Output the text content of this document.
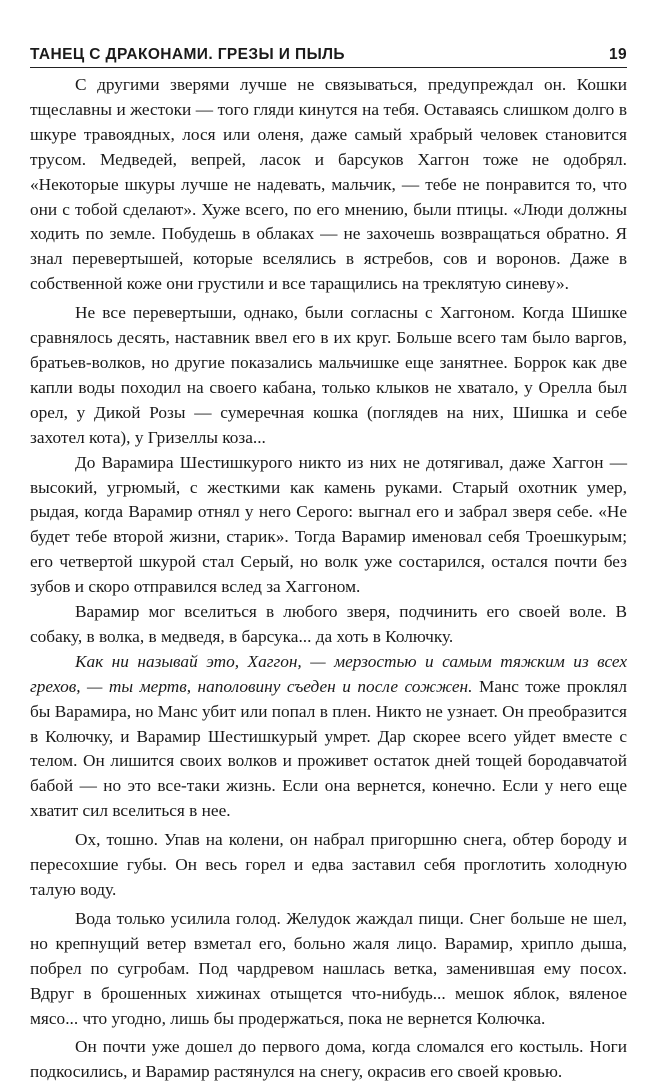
ТАНЕЦ С ДРАКОНАМИ. ГРЕЗЫ И ПЫЛЬ	19

С другими зверями лучше не связываться, предупреждал он. Кошки тщеславны и жестоки — того гляди кинутся на тебя. Оставаясь слишком долго в шкуре травоядных, лося или оленя, даже самый храбрый человек становится трусом. Медведей, вепрей, ласок и барсуков Хаггон тоже не одобрял. «Некоторые шкуры лучше не надевать, мальчик, — тебе не понравится то, что они с тобой сделают». Хуже всего, по его мнению, были птицы. «Люди должны ходить по земле. Побудешь в облаках — не захочешь возвращаться обратно. Я знал перевертышей, которые вселялись в ястребов, сов и воронов. Даже в собственной коже они грустили и все таращились на треклятую синеву».

Не все перевертыши, однако, были согласны с Хаггоном. Когда Шишке сравнялось десять, наставник ввел его в их круг. Больше всего там было варгов, братьев-волков, но другие показались мальчишке еще занятнее. Боррок как две капли воды походил на своего кабана, только клыков не хватало, у Орелла был орел, у Дикой Розы — сумеречная кошка (поглядев на них, Шишка и себе захотел кота), у Гризеллы коза...

До Варамира Шестишкурого никто из них не дотягивал, даже Хаггон — высокий, угрюмый, с жесткими как камень руками. Старый охотник умер, рыдая, когда Варамир отнял у него Серого: выгнал его и забрал зверя себе. «Не будет тебе второй жизни, старик». Тогда Варамир именовал себя Троешкурым; его четвертой шкурой стал Серый, но волк уже состарился, остался почти без зубов и скоро отправился вслед за Хаггоном.

Варамир мог вселиться в любого зверя, подчинить его своей воле. В собаку, в волка, в медведя, в барсука... да хоть в Колючку.

Как ни называй это, Хаггон, — мерзостью и самым тяжким из всех грехов, — ты мертв, наполовину съеден и после сожжен. Манс тоже проклял бы Варамира, но Манс убит или попал в плен. Никто не узнает. Он преобразится в Колючку, и Варамир Шестишкурый умрет. Дар скорее всего уйдет вместе с телом. Он лишится своих волков и проживет остаток дней тощей бородавчатой бабой — но это все-таки жизнь. Если она вернется, конечно. Если у него еще хватит сил вселиться в нее.

Ох, тошно. Упав на колени, он набрал пригоршню снега, обтер бороду и пересохшие губы. Он весь горел и едва заставил себя проглотить холодную талую воду.

Вода только усилила голод. Желудок жаждал пищи. Снег больше не шел, но крепнущий ветер взметал его, больно жаля лицо. Варамир, хрипло дыша, побрел по сугробам. Под чардревом нашлась ветка, заменившая ему посох. Вдруг в брошенных хижинах отыщется что-нибудь... мешок яблок, вяленое мясо... что угодно, лишь бы продержаться, пока не вернется Колючка.

Он почти уже дошел до первого дома, когда сломался его костыль. Ноги подкосились, и Варамир растянулся на снегу, окрасив его своей кровью.
